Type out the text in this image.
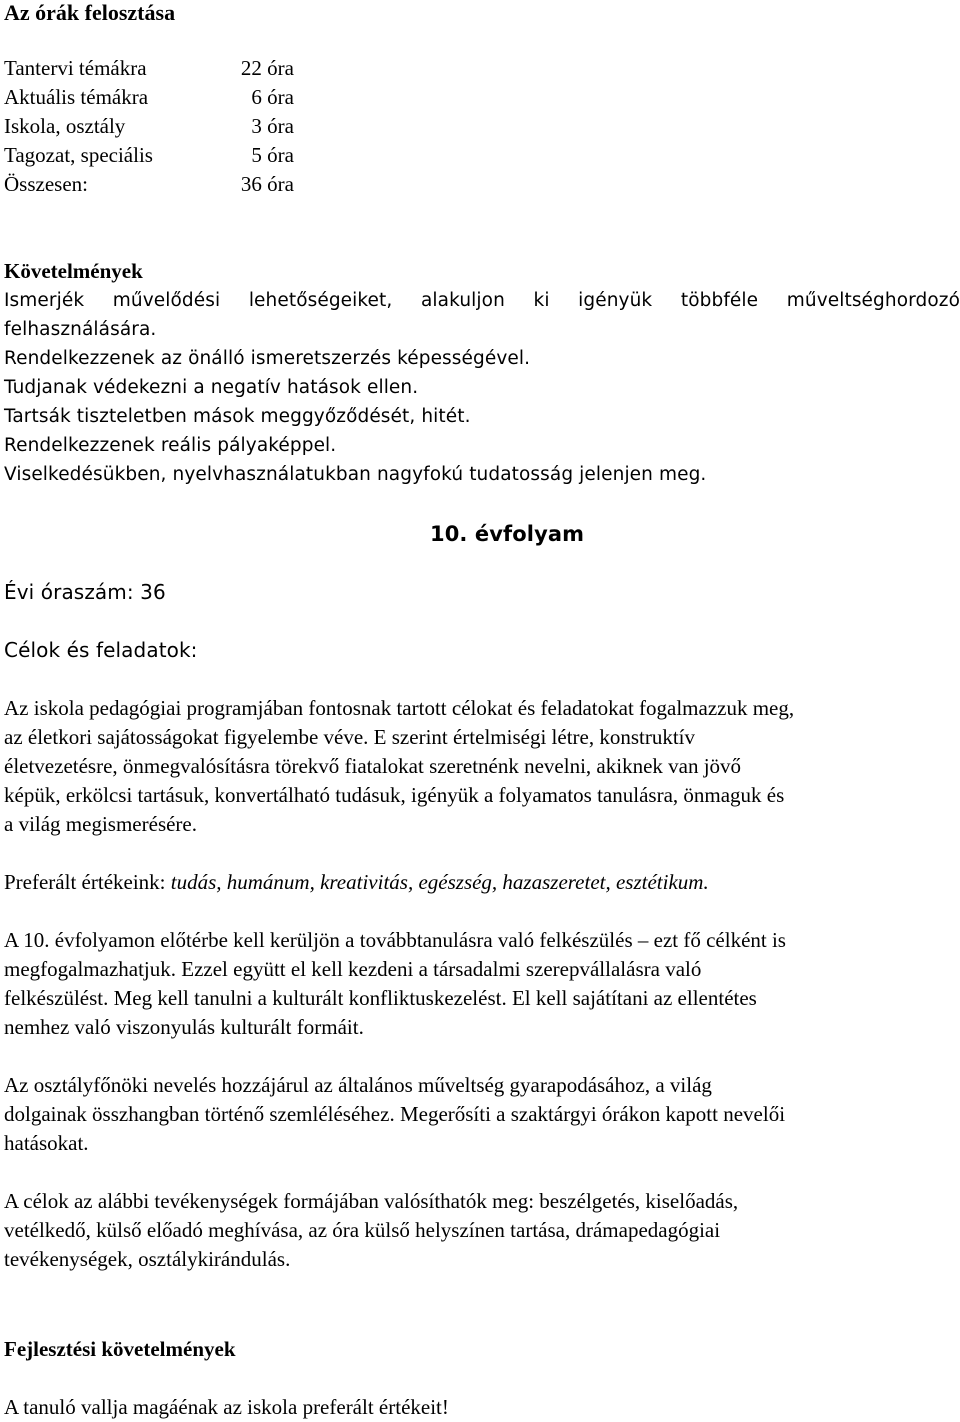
Az órák felosztása
Tantervi témákra	22 óra
Aktuális témákra	6 óra
Iskola, osztály	3 óra
Tagozat, speciális	5 óra
Összesen:	36 óra
Követelmények
Ismerjék művelődési lehetőségeiket, alakuljon ki igényük többféle műveltséghordozó
felhasználására.
Rendelkezzenek az önálló ismeretszerzés képességével.
Tudjanak védekezni a negatív hatások ellen.
Tartsák tiszteletben mások meggyőződését, hitét.
Rendelkezzenek reális pályaképpel.
Viselkedésükben, nyelvhasználatukban nagyfokú tudatosság jelenjen meg.
10. évfolyam
Évi óraszám: 36
Célok és feladatok:
Az iskola pedagógiai programjában fontosnak tartott célokat és feladatokat fogalmazzuk meg,
az életkori sajátosságokat figyelembe véve. E szerint értelmiségi létre, konstruktív
életvezetésre, önmegvalósításra törekvő fiatalokat szeretnénk nevelni, akiknek van jövő
képük, erkölcsi tartásuk, konvertálható tudásuk, igényük a folyamatos tanulásra, önmaguk és
a világ megismerésére.
Preferált értékeink: tudás, humánum, kreativitás, egészség, hazaszeretet, esztétikum.
A 10. évfolyamon előtérbe kell kerüljön a továbbtanulásra való felkészülés – ezt fő célként is
megfogalmazhatjuk. Ezzel együtt el kell kezdeni a társadalmi szerepvállalásra való
felkészülést. Meg kell tanulni a kulturált konfliktuskezelést. El kell sajátítani az ellentétes
nemhez való viszonyulás kulturált formáit.
Az osztályfőnöki nevelés hozzájárul az általános műveltség gyarapodásához, a világ
dolgainak összhangban történő szemléléséhez. Megerősíti a szaktárgyi órákon kapott nevelői
hatásokat.
A célok az alábbi tevékenységek formájában valósíthatók meg: beszélgetés, kiselőadás,
vetélkedő, külső előadó meghívása, az óra külső helyszínen tartása, drámapedagógiai
tevékenységek, osztálykirándulás.
Fejlesztési követelmények
A tanuló vallja magáénak az iskola preferált értékeit!
